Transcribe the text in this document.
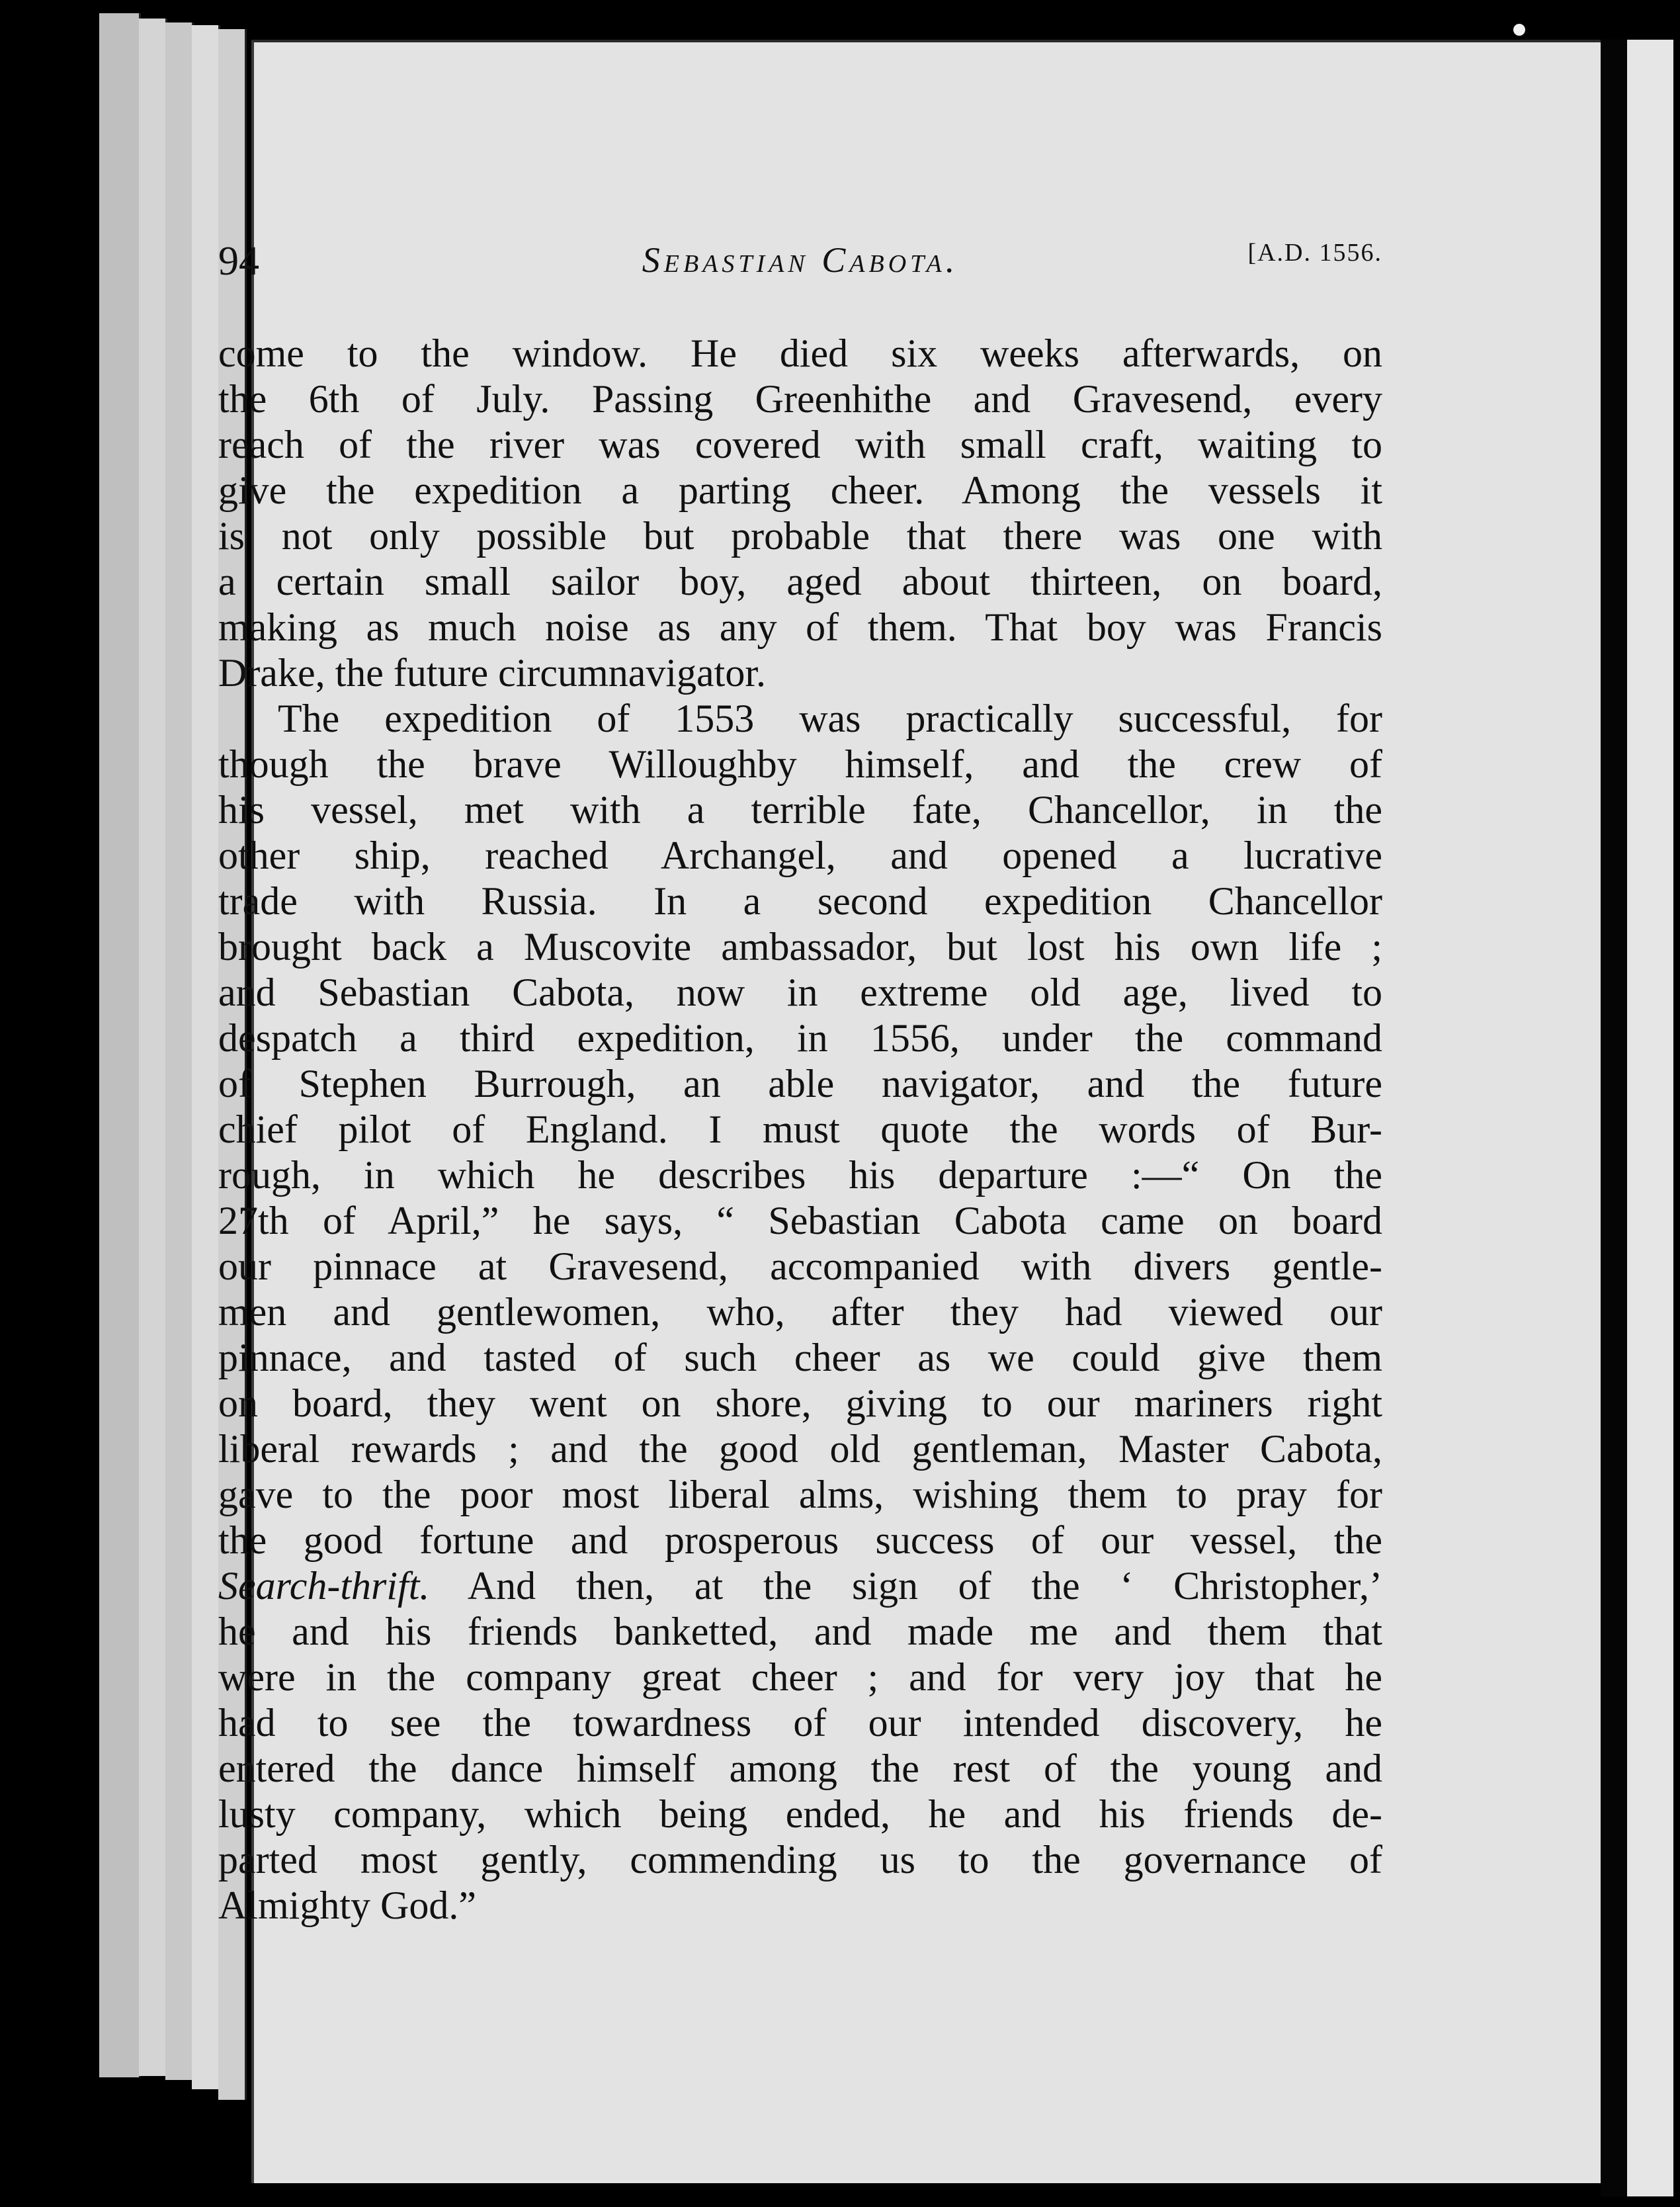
94	Sebastian Cabota.	[A.D. 1556.

come to the window. He died six weeks afterwards, on
the 6th of July. Passing Greenhithe and Gravesend, every
reach of the river was covered with small craft, waiting to
give the expedition a parting cheer. Among the vessels it
is not only possible but probable that there was one with
a certain small sailor boy, aged about thirteen, on board,
making as much noise as any of them. That boy was Francis
Drake, the future circumnavigator.

The expedition of 1553 was practically successful, for
though the brave Willoughby himself, and the crew of
his vessel, met with a terrible fate, Chancellor, in the
other ship, reached Archangel, and opened a lucrative
trade with Russia. In a second expedition Chancellor
brought back a Muscovite ambassador, but lost his own life ;
and Sebastian Cabota, now in extreme old age, lived to
despatch a third expedition, in 1556, under the command
of Stephen Burrough, an able navigator, and the future
chief pilot of England. I must quote the words of Bur-
rough, in which he describes his departure :—“ On the
27th of April,” he says, “ Sebastian Cabota came on board
our pinnace at Gravesend, accompanied with divers gentle-
men and gentlewomen, who, after they had viewed our
pinnace, and tasted of such cheer as we could give them
on board, they went on shore, giving to our mariners right
liberal rewards ; and the good old gentleman, Master Cabota,
gave to the poor most liberal alms, wishing them to pray for
the good fortune and prosperous success of our vessel, the
Search-thrift. And then, at the sign of the ‘ Christopher,’
he and his friends banketted, and made me and them that
were in the company great cheer ; and for very joy that he
had to see the towardness of our intended discovery, he
entered the dance himself among the rest of the young and
lusty company, which being ended, he and his friends de-
parted most gently, commending us to the governance of
Almighty God.”
